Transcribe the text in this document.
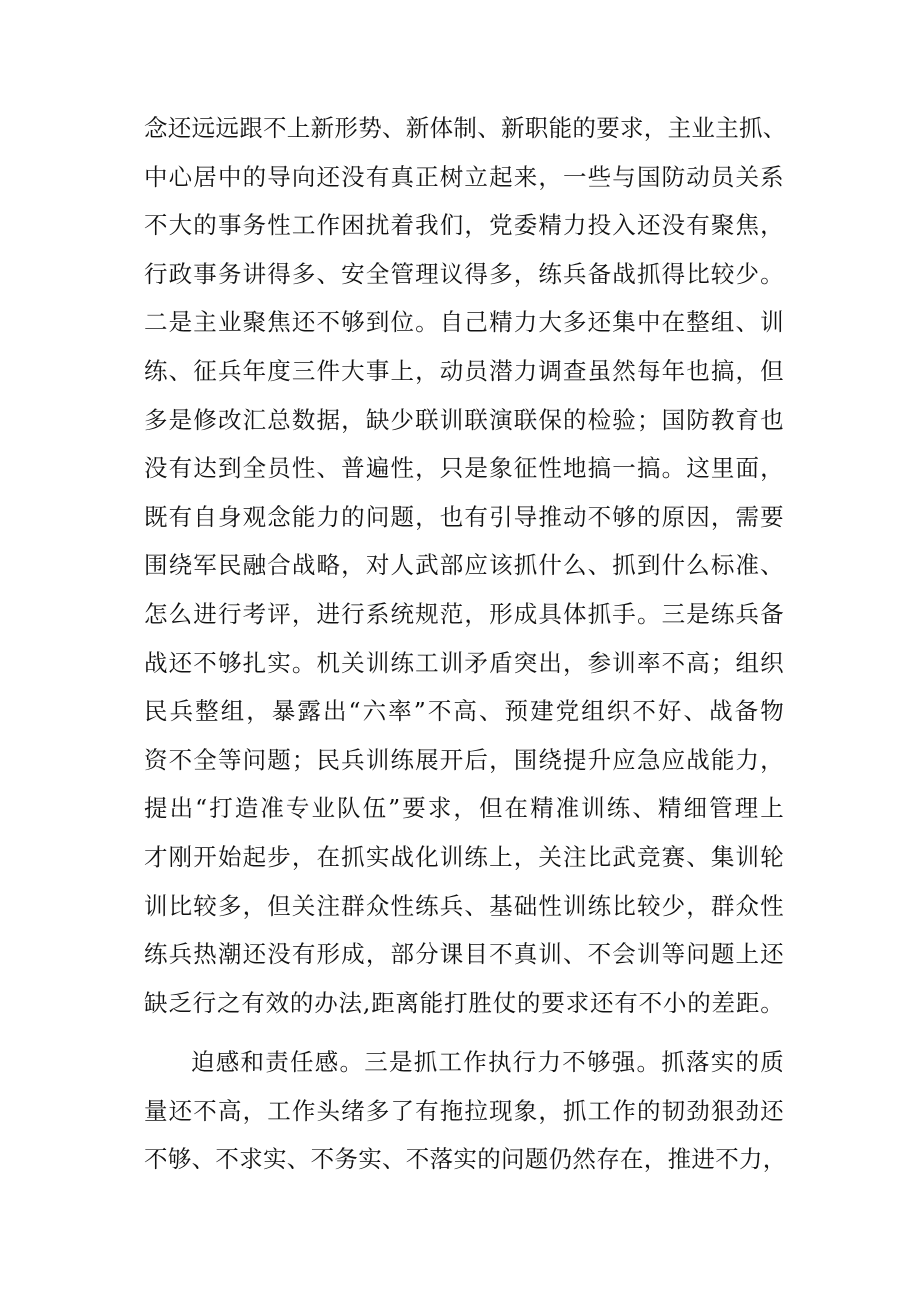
念还远远跟不上新形势、新体制、新职能的要求，主业主抓、
中心居中的导向还没有真正树立起来，一些与国防动员关系
不大的事务性工作困扰着我们，党委精力投入还没有聚焦，
行政事务讲得多、安全管理议得多，练兵备战抓得比较少。
二是主业聚焦还不够到位。自己精力大多还集中在整组、训
练、征兵年度三件大事上，动员潜力调查虽然每年也搞，但
多是修改汇总数据，缺少联训联演联保的检验；国防教育也
没有达到全员性、普遍性，只是象征性地搞一搞。这里面，
既有自身观念能力的问题，也有引导推动不够的原因，需要
围绕军民融合战略，对人武部应该抓什么、抓到什么标准、
怎么进行考评，进行系统规范，形成具体抓手。三是练兵备
战还不够扎实。机关训练工训矛盾突出，参训率不高；组织
民兵整组，暴露出“六率”不高、预建党组织不好、战备物
资不全等问题；民兵训练展开后，围绕提升应急应战能力，
提出“打造准专业队伍”要求，但在精准训练、精细管理上
才刚开始起步，在抓实战化训练上，关注比武竞赛、集训轮
训比较多，但关注群众性练兵、基础性训练比较少，群众性
练兵热潮还没有形成，部分课目不真训、不会训等问题上还
缺乏行之有效的办法,距离能打胜仗的要求还有不小的差距。
迫感和责任感。三是抓工作执行力不够强。抓落实的质
量还不高，工作头绪多了有拖拉现象，抓工作的韧劲狠劲还
不够、不求实、不务实、不落实的问题仍然存在，推进不力，
